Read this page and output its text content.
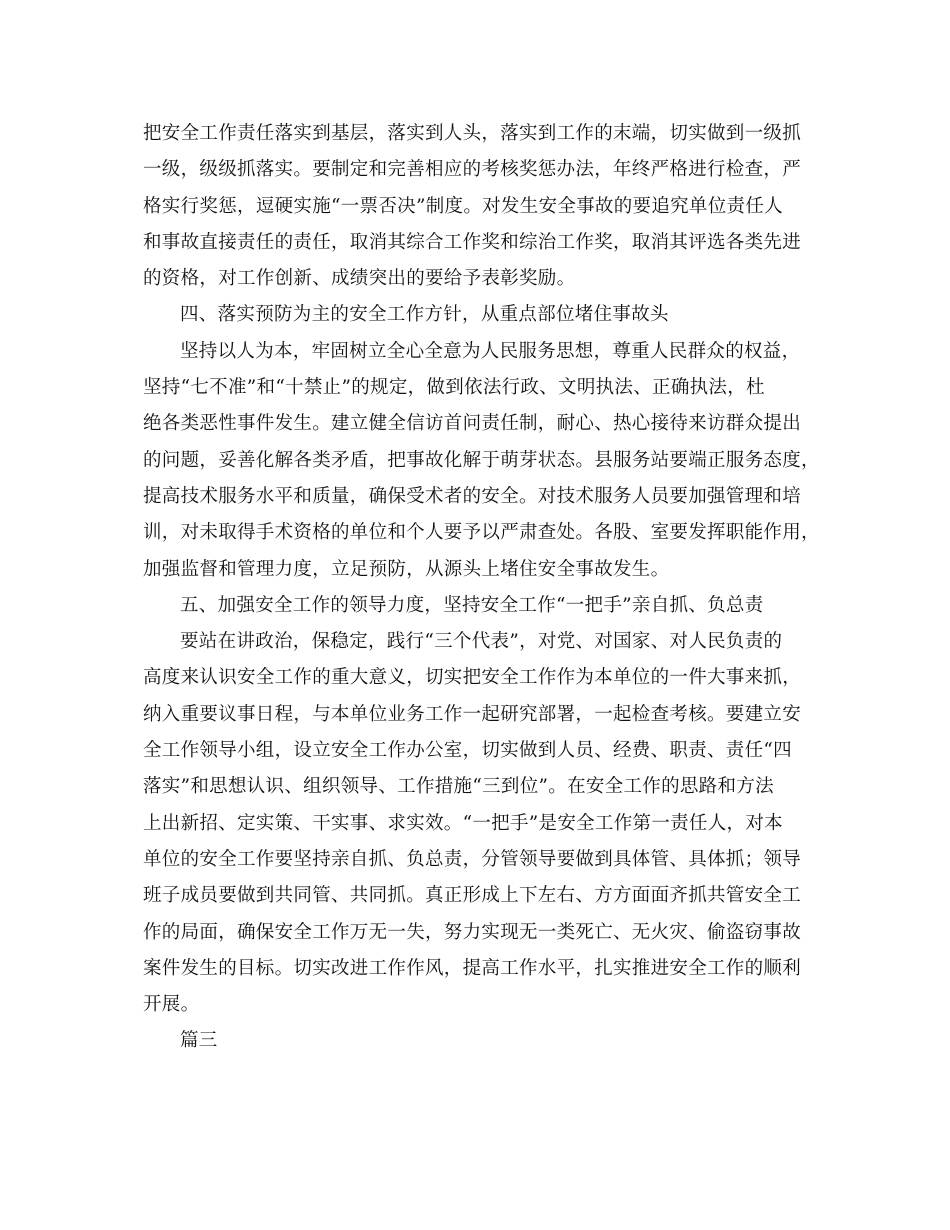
把安全工作责任落实到基层，落实到人头，落实到工作的末端，切实做到一级抓
一级，级级抓落实。要制定和完善相应的考核奖惩办法，年终严格进行检查，严
格实行奖惩，逗硬实施“一票否决”制度。对发生安全事故的要追究单位责任人
和事故直接责任的责任，取消其综合工作奖和综治工作奖，取消其评选各类先进
的资格，对工作创新、成绩突出的要给予表彰奖励。
四、落实预防为主的安全工作方针，从重点部位堵住事故头
坚持以人为本，牢固树立全心全意为人民服务思想，尊重人民群众的权益，
坚持“七不准”和“十禁止”的规定，做到依法行政、文明执法、正确执法，杜
绝各类恶性事件发生。建立健全信访首问责任制，耐心、热心接待来访群众提出
的问题，妥善化解各类矛盾，把事故化解于萌芽状态。县服务站要端正服务态度，
提高技术服务水平和质量，确保受术者的安全。对技术服务人员要加强管理和培
训，对未取得手术资格的单位和个人要予以严肃查处。各股、室要发挥职能作用，
加强监督和管理力度，立足预防，从源头上堵住安全事故发生。
五、加强安全工作的领导力度，坚持安全工作“一把手”亲自抓、负总责
要站在讲政治，保稳定，践行“三个代表”，对党、对国家、对人民负责的
高度来认识安全工作的重大意义，切实把安全工作作为本单位的一件大事来抓，
纳入重要议事日程，与本单位业务工作一起研究部署，一起检查考核。要建立安
全工作领导小组，设立安全工作办公室，切实做到人员、经费、职责、责任“四
落实”和思想认识、组织领导、工作措施“三到位”。在安全工作的思路和方法
上出新招、定实策、干实事、求实效。“一把手”是安全工作第一责任人，对本
单位的安全工作要坚持亲自抓、负总责，分管领导要做到具体管、具体抓；领导
班子成员要做到共同管、共同抓。真正形成上下左右、方方面面齐抓共管安全工
作的局面，确保安全工作万无一失，努力实现无一类死亡、无火灾、偷盗窃事故
案件发生的目标。切实改进工作作风，提高工作水平，扎实推进安全工作的顺利
开展。
篇三
